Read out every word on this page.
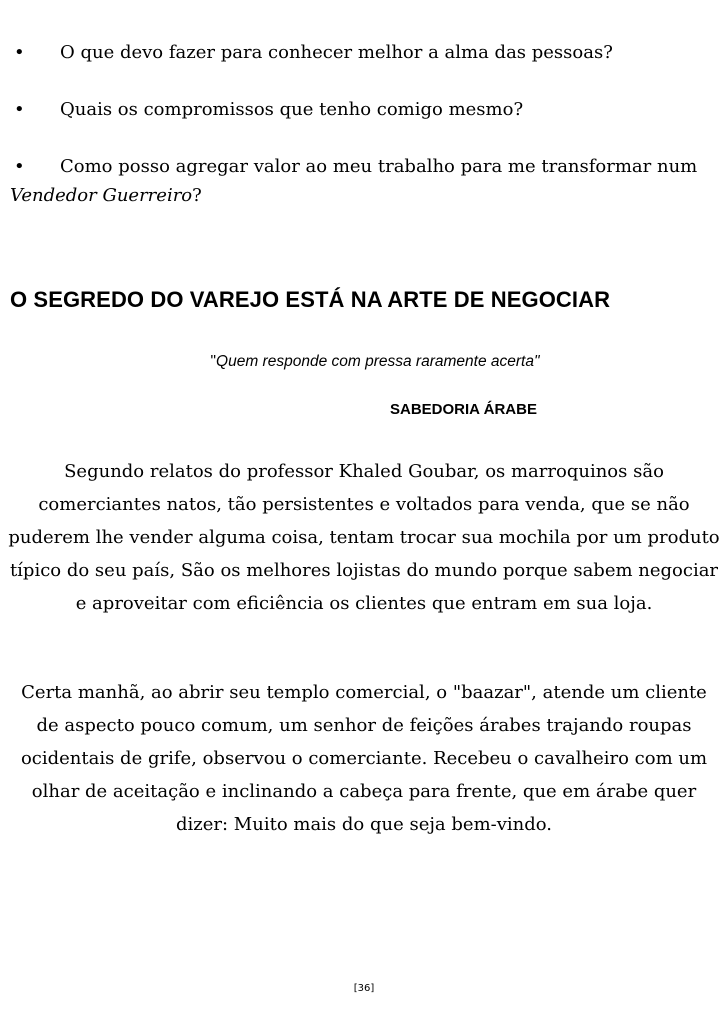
• O que devo fazer para conhecer melhor a alma das pessoas?
• Quais os compromissos que tenho comigo mesmo?
• Como posso agregar valor ao meu trabalho para me transformar num Vendedor Guerreiro?
O SEGREDO DO VAREJO ESTÁ NA ARTE DE NEGOCIAR
"Quem responde com pressa raramente acerta"
SABEDORIA ÁRABE

Segundo relatos do professor Khaled Goubar, os marroquinos são comerciantes natos, tão persistentes e voltados para venda, que se não puderem lhe vender alguma coisa, tentam trocar sua mochila por um produto típico do seu país, São os melhores lojistas do mundo porque sabem negociar e aproveitar com eficiência os clientes que entram em sua loja.

Certa manhã, ao abrir seu templo comercial, o "baazar", atende um cliente de aspecto pouco comum, um senhor de feições árabes trajando roupas ocidentais de grife, observou o comerciante. Recebeu o cavalheiro com um olhar de aceitação e inclinando a cabeça para frente, que em árabe quer dizer: Muito mais do que seja bem-vindo.

[36]
